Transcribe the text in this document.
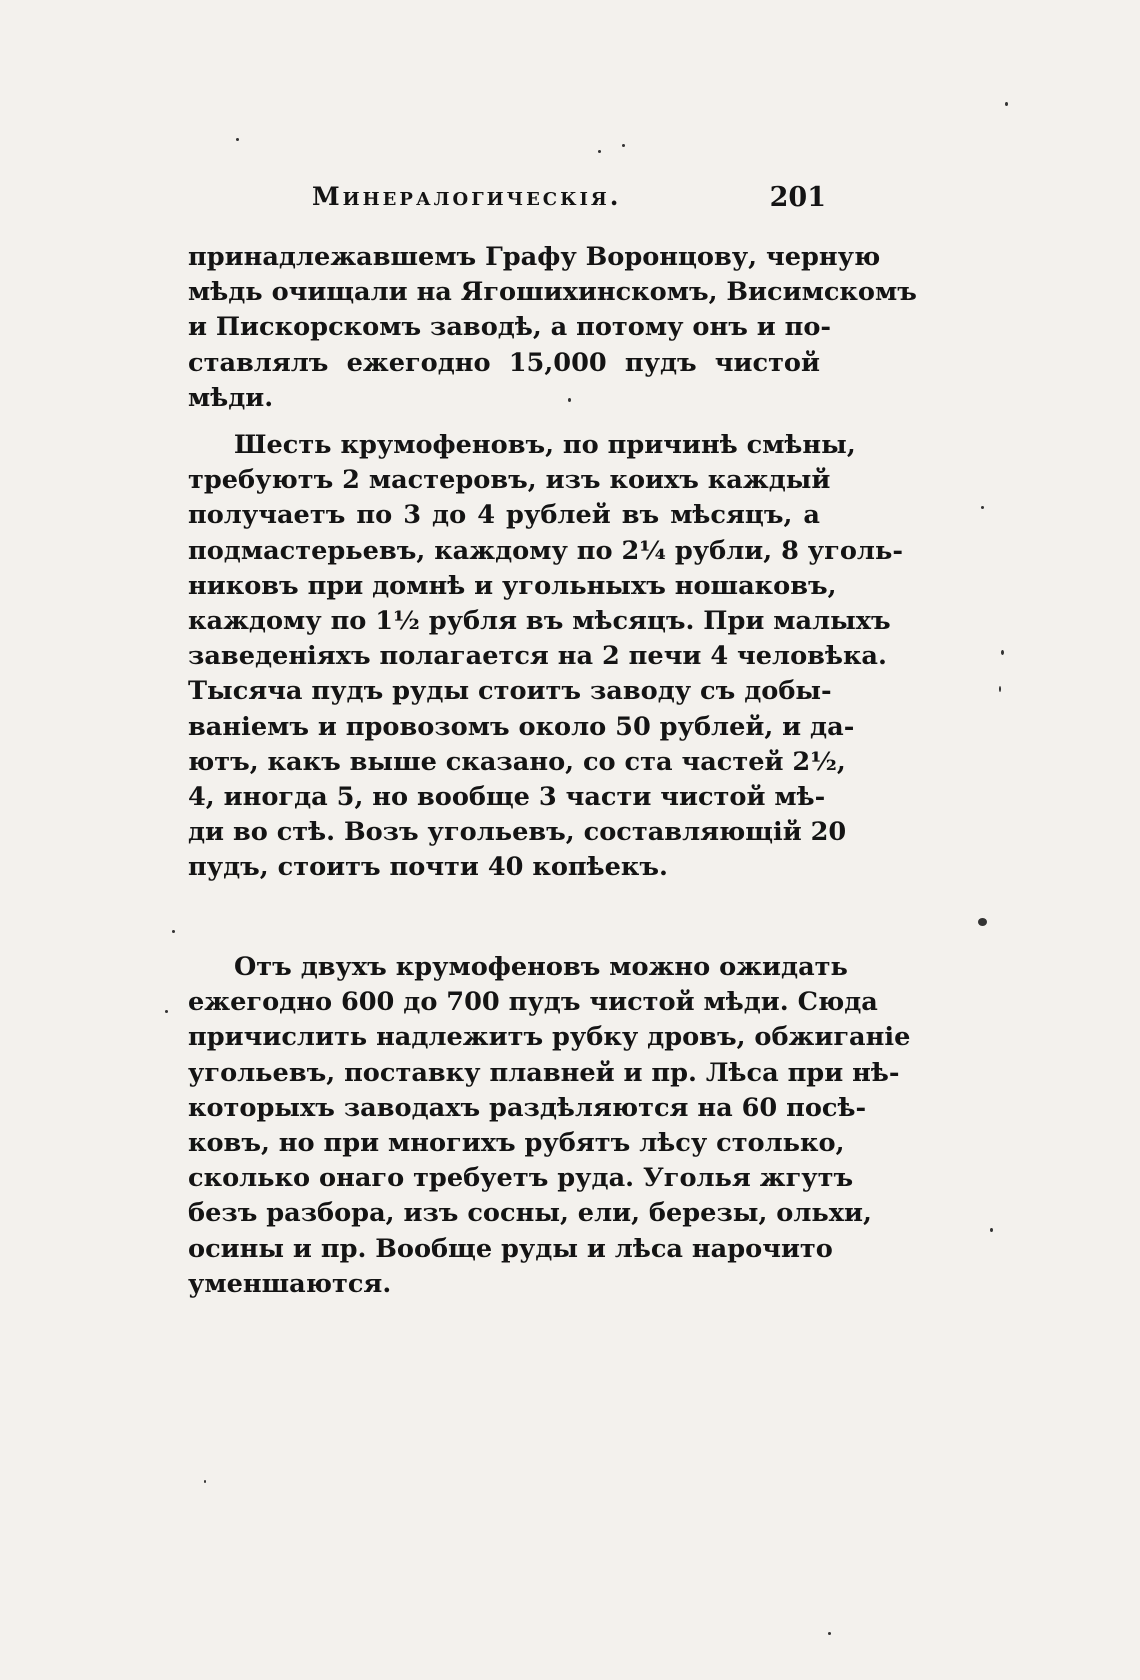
Минералогическiя.	201
принадлежавшемъ Графу Воронцову, черную
мѣдь очищали на Ягошихинскомъ, Висимскомъ
и Пискорскомъ заводѣ, а потому онъ и по-
ставлялъ ежегодно 15,000 пудъ чистой
мѣди.
Шесть крумофеновъ, по причинѣ смѣны,
требуютъ 2 мастеровъ, изъ коихъ каждый
получаетъ по 3 до 4 рублей въ мѣсяцъ, а
подмастерьевъ, каждому по 2¼ рубли, 8 уголь-
никовъ при домнѣ и угольныхъ ношаковъ,
каждому по 1½ рубля въ мѣсяцъ. При малыхъ
заведенiяхъ полагается на 2 печи 4 человѣка.
Тысяча пудъ руды стоитъ заводу съ добы-
ванiемъ и провозомъ около 50 рублей, и да-
ютъ, какъ выше сказано, со ста частей 2½,
4, иногда 5, но вообще 3 части чистой мѣ-
ди во стѣ. Возъ угольевъ, составляющiй 20
пудъ, стоитъ почти 40 копѣекъ.
Отъ двухъ крумофеновъ можно ожидать
ежегодно 600 до 700 пудъ чистой мѣди. Сюда
причислить надлежитъ рубку дровъ, обжиганiе
угольевъ, поставку плавней и пр. Лѣса при нѣ-
которыхъ заводахъ раздѣляются на 60 посѣ-
ковъ, но при многихъ рубятъ лѣсу столько,
сколько онаго требуетъ руда. Уголья жгутъ
безъ разбора, изъ сосны, ели, березы, ольхи,
осины и пр. Вообще руды и лѣса нарочито
уменшаются.
